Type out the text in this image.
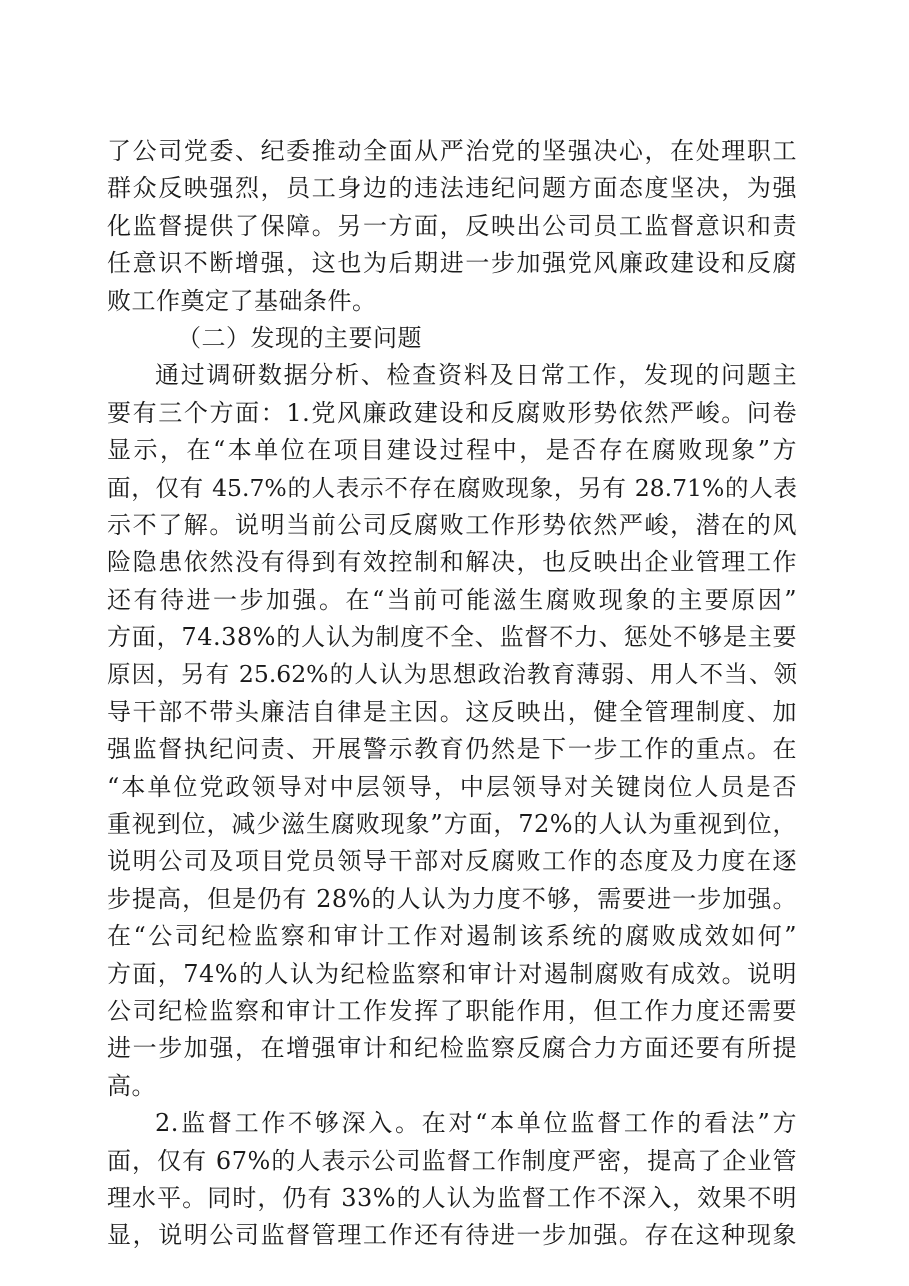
了公司党委、纪委推动全面从严治党的坚强决心，在处理职工
群众反映强烈，员工身边的违法违纪问题方面态度坚决，为强
化监督提供了保障。另一方面，反映出公司员工监督意识和责
任意识不断增强，这也为后期进一步加强党风廉政建设和反腐
败工作奠定了基础条件。
（二）发现的主要问题
通过调研数据分析、检查资料及日常工作，发现的问题主
要有三个方面：1.党风廉政建设和反腐败形势依然严峻。问卷
显示，在“本单位在项目建设过程中，是否存在腐败现象”方
面，仅有 45.7%的人表示不存在腐败现象，另有 28.71%的人表
示不了解。说明当前公司反腐败工作形势依然严峻，潜在的风
险隐患依然没有得到有效控制和解决，也反映出企业管理工作
还有待进一步加强。在“当前可能滋生腐败现象的主要原因”
方面，74.38%的人认为制度不全、监督不力、惩处不够是主要
原因，另有 25.62%的人认为思想政治教育薄弱、用人不当、领
导干部不带头廉洁自律是主因。这反映出，健全管理制度、加
强监督执纪问责、开展警示教育仍然是下一步工作的重点。在
“本单位党政领导对中层领导，中层领导对关键岗位人员是否
重视到位，减少滋生腐败现象”方面，72%的人认为重视到位，
说明公司及项目党员领导干部对反腐败工作的态度及力度在逐
步提高，但是仍有 28%的人认为力度不够，需要进一步加强。
在“公司纪检监察和审计工作对遏制该系统的腐败成效如何”
方面，74%的人认为纪检监察和审计对遏制腐败有成效。说明
公司纪检监察和审计工作发挥了职能作用，但工作力度还需要
进一步加强，在增强审计和纪检监察反腐合力方面还要有所提
高。
2.监督工作不够深入。在对“本单位监督工作的看法”方
面，仅有 67%的人表示公司监督工作制度严密，提高了企业管
理水平。同时，仍有 33%的人认为监督工作不深入，效果不明
显，说明公司监督管理工作还有待进一步加强。存在这种现象
